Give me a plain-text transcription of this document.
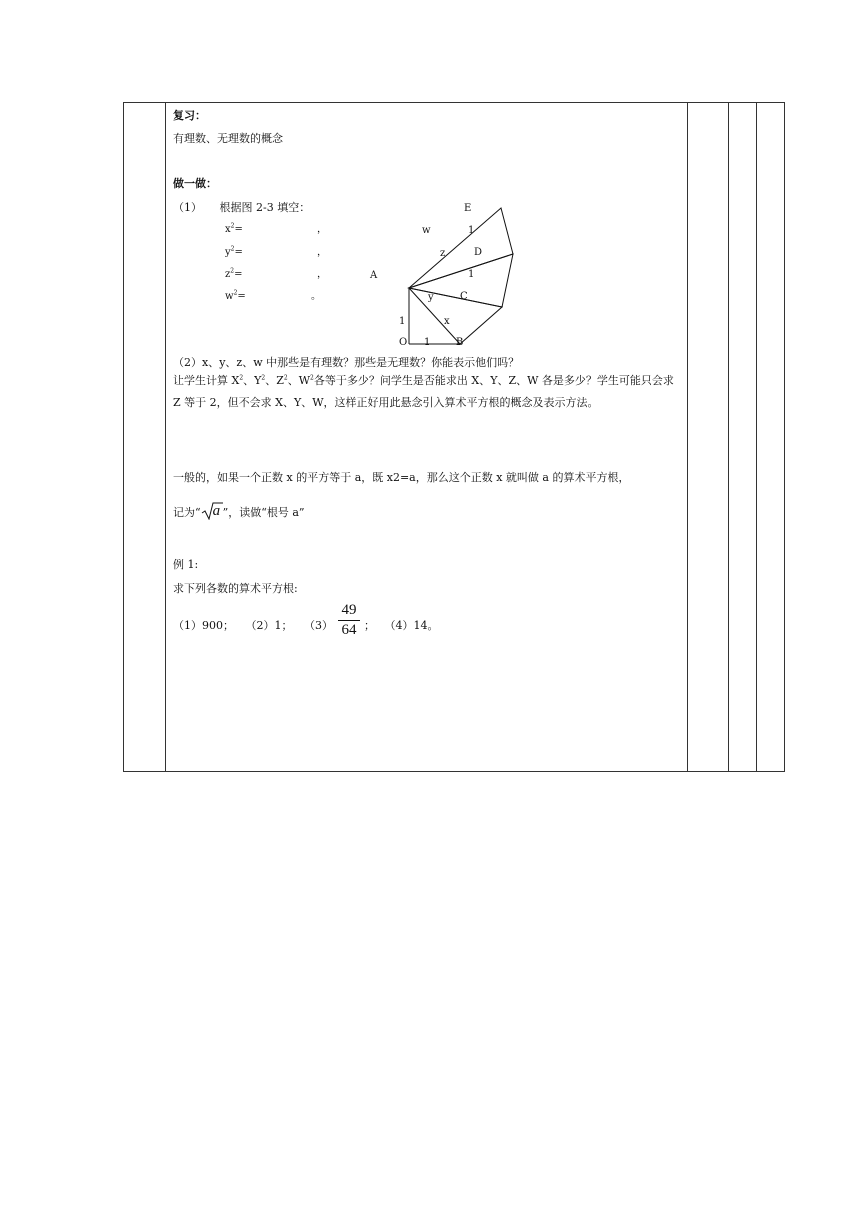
复习：
有理数、无理数的概念
做一做：
（1） 根据图 2-3 填空：
$x^2=$	，
$y^2=$	，
$z^2=$	，
$w^2=$	。
（2）x、y、z、w 中那些是有理数？那些是无理数？你能表示他们吗？
让学生计算 $X^2$、$Y^2$、$Z^2$、$W^2$各等于多少？问学生是否能求出 X、Y、Z、W 各是多少？学生可能只会求 Z 等于 2，但不会求 X、Y、W，这样正好用此悬念引入算术平方根的概念及表示方法。
一般的，如果一个正数 x 的平方等于 a，既 x2=a，那么这个正数 x 就叫做 a 的算术平方根，
记为“ a ”，读做“根号 a”
例 1:
求下列各数的算术平方根:
（1）900； （2）1； （3）	； （4）14。
49
64
E
w	1
z	D
A	1
y	C
x
1
O 1	B
